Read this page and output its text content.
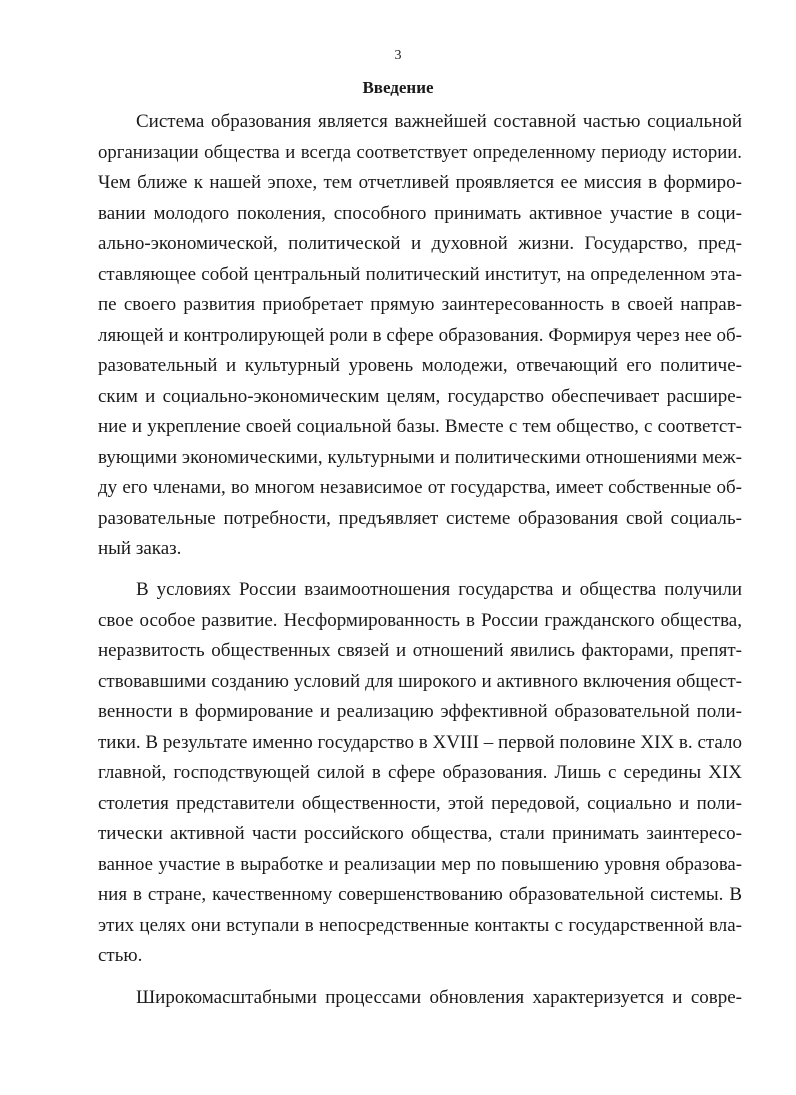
3
Введение
Система образования является важнейшей составной частью социальной
организации общества и всегда соответствует определенному периоду истории.
Чем ближе к нашей эпохе, тем отчетливей проявляется ее миссия в формиро-
вании молодого поколения, способного принимать активное участие в соци-
ально-экономической, политической и духовной жизни. Государство, пред-
ставляющее собой центральный политический институт, на определенном эта-
пе своего развития приобретает прямую заинтересованность в своей направ-
ляющей и контролирующей роли в сфере образования. Формируя через нее об-
разовательный и культурный уровень молодежи, отвечающий его политиче-
ским и социально-экономическим целям, государство обеспечивает расшире-
ние и укрепление своей социальной базы. Вместе с тем общество, с соответст-
вующими экономическими, культурными и политическими отношениями меж-
ду его членами, во многом независимое от государства, имеет собственные об-
разовательные потребности, предъявляет системе образования свой социаль-
ный заказ.
В условиях России взаимоотношения государства и общества получили
свое особое развитие. Несформированность в России гражданского общества,
неразвитость общественных связей и отношений явились факторами, препят-
ствовавшими созданию условий для широкого и активного включения общест-
венности в формирование и реализацию эффективной образовательной поли-
тики. В результате именно государство в XVIII – первой половине XIX в. стало
главной, господствующей силой в сфере образования. Лишь с середины XIX
столетия представители общественности, этой передовой, социально и поли-
тически активной части российского общества, стали принимать заинтересо-
ванное участие в выработке и реализации мер по повышению уровня образова-
ния в стране, качественному совершенствованию образовательной системы. В
этих целях они вступали в непосредственные контакты с государственной вла-
стью.
Широкомасштабными процессами обновления характеризуется и совре-
